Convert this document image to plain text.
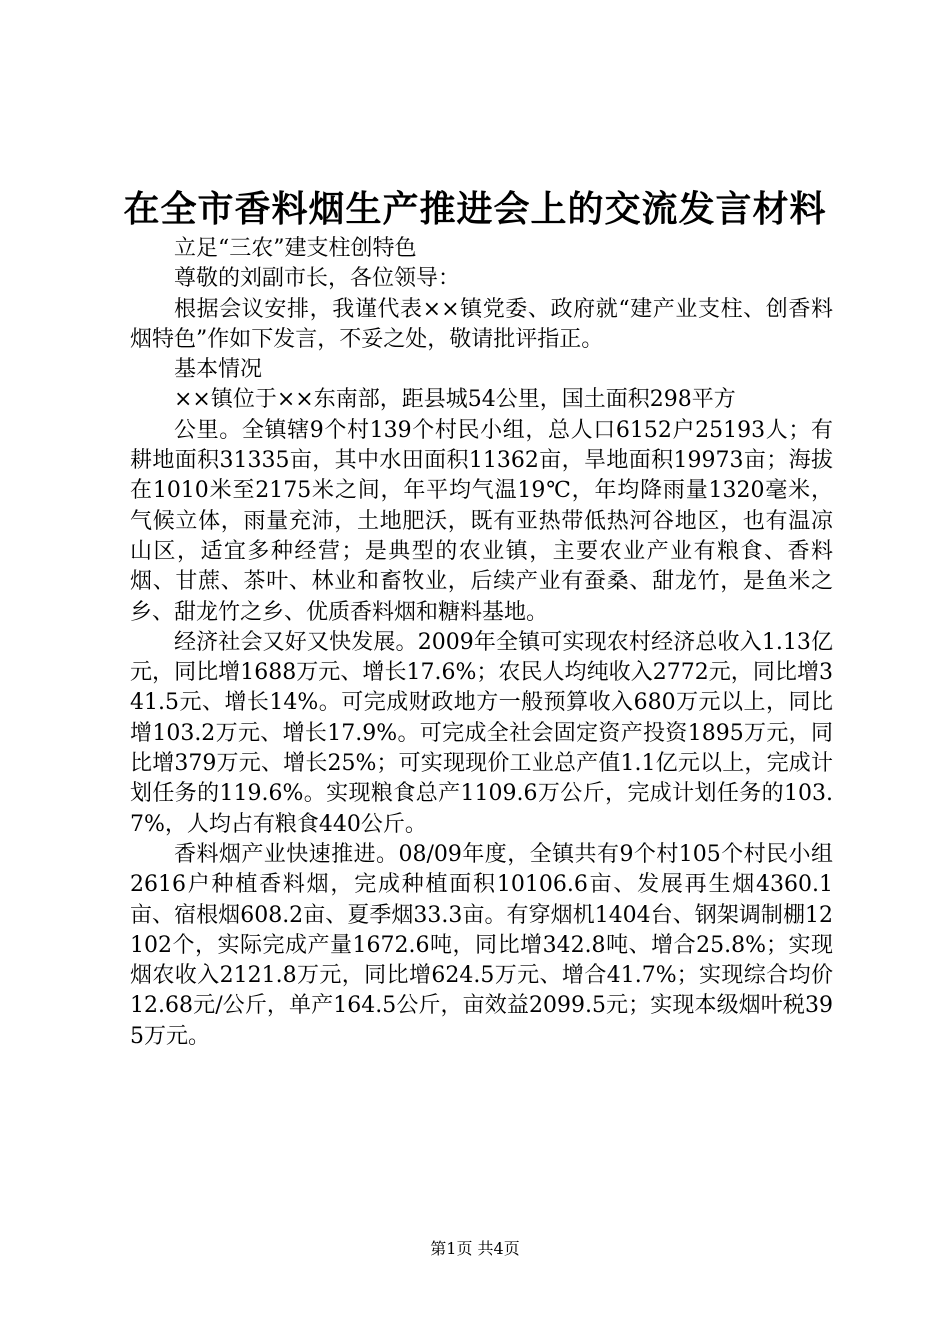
在全市香料烟生产推进会上的交流发言材料

立足“三农”建支柱创特色

尊敬的刘副市长，各位领导：

根据会议安排，我谨代表××镇党委、政府就“建产业支柱、创香料烟特色”作如下发言，不妥之处，敬请批评指正。

基本情况

××镇位于××东南部，距县城54公里，国土面积298平方

公里。全镇辖9个村139个村民小组，总人口6152户25193人；有耕地面积31335亩，其中水田面积11362亩，旱地面积19973亩；海拔在1010米至2175米之间，年平均气温19℃，年均降雨量1320毫米，气候立体，雨量充沛，土地肥沃，既有亚热带低热河谷地区，也有温凉山区，适宜多种经营；是典型的农业镇，主要农业产业有粮食、香料烟、甘蔗、茶叶、林业和畜牧业，后续产业有蚕桑、甜龙竹，是鱼米之乡、甜龙竹之乡、优质香料烟和糖料基地。

经济社会又好又快发展。2009年全镇可实现农村经济总收入1.13亿元，同比增1688万元、增长17.6%；农民人均纯收入2772元，同比增341.5元、增长14%。可完成财政地方一般预算收入680万元以上，同比增103.2万元、增长17.9%。可完成全社会固定资产投资1895万元，同比增379万元、增长25%；可实现现价工业总产值1.1亿元以上，完成计划任务的119.6%。实现粮食总产1109.6万公斤，完成计划任务的103.7%，人均占有粮食440公斤。

香料烟产业快速推进。08/09年度，全镇共有9个村105个村民小组2616户种植香料烟，完成种植面积10106.6亩、发展再生烟4360.1亩、宿根烟608.2亩、夏季烟33.3亩。有穿烟机1404台、钢架调制棚12102个，实际完成产量1672.6吨，同比增342.8吨、增合25.8%；实现烟农收入2121.8万元，同比增624.5万元、增合41.7%；实现综合均价12.68元/公斤，单产164.5公斤，亩效益2099.5元；实现本级烟叶税395万元。

第1页 共4页
